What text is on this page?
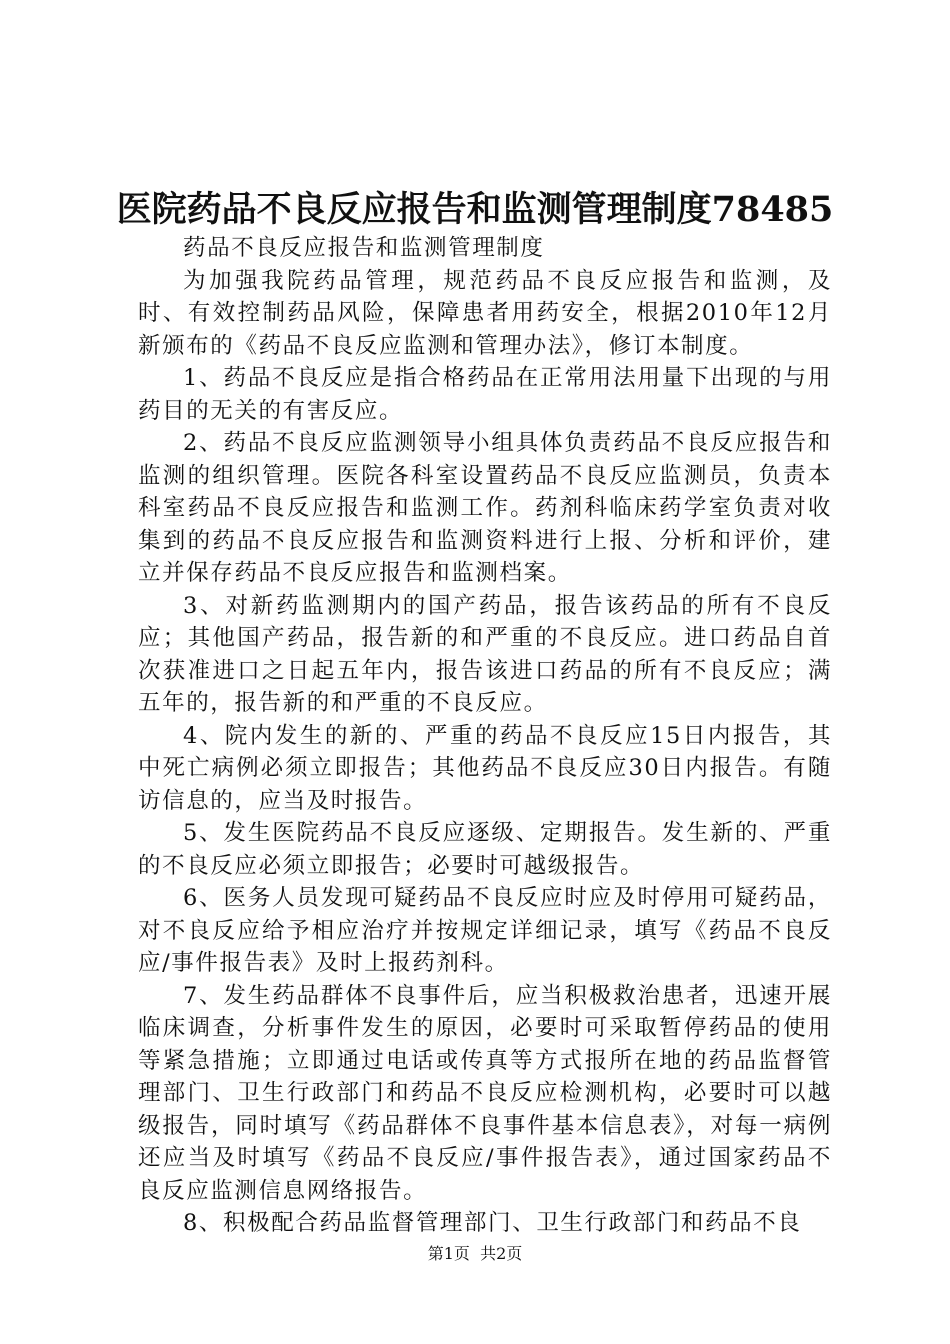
医院药品不良反应报告和监测管理制度78485

药品不良反应报告和监测管理制度

为加强我院药品管理，规范药品不良反应报告和监测，及时、有效控制药品风险，保障患者用药安全，根据2010年12月新颁布的《药品不良反应监测和管理办法》，修订本制度。

1、药品不良反应是指合格药品在正常用法用量下出现的与用药目的无关的有害反应。

2、药品不良反应监测领导小组具体负责药品不良反应报告和监测的组织管理。医院各科室设置药品不良反应监测员，负责本科室药品不良反应报告和监测工作。药剂科临床药学室负责对收集到的药品不良反应报告和监测资料进行上报、分析和评价，建立并保存药品不良反应报告和监测档案。

3、对新药监测期内的国产药品，报告该药品的所有不良反应；其他国产药品，报告新的和严重的不良反应。进口药品自首次获准进口之日起五年内，报告该进口药品的所有不良反应；满五年的，报告新的和严重的不良反应。

4、院内发生的新的、严重的药品不良反应15日内报告，其中死亡病例必须立即报告；其他药品不良反应30日内报告。有随访信息的，应当及时报告。

5、发生医院药品不良反应逐级、定期报告。发生新的、严重的不良反应必须立即报告；必要时可越级报告。

6、医务人员发现可疑药品不良反应时应及时停用可疑药品，对不良反应给予相应治疗并按规定详细记录，填写《药品不良反应/事件报告表》及时上报药剂科。

7、发生药品群体不良事件后，应当积极救治患者，迅速开展临床调查，分析事件发生的原因，必要时可采取暂停药品的使用等紧急措施；立即通过电话或传真等方式报所在地的药品监督管理部门、卫生行政部门和药品不良反应检测机构，必要时可以越级报告，同时填写《药品群体不良事件基本信息表》，对每一病例还应当及时填写《药品不良反应/事件报告表》，通过国家药品不良反应监测信息网络报告。

8、积极配合药品监督管理部门、卫生行政部门和药品不良

第1页  共2页
